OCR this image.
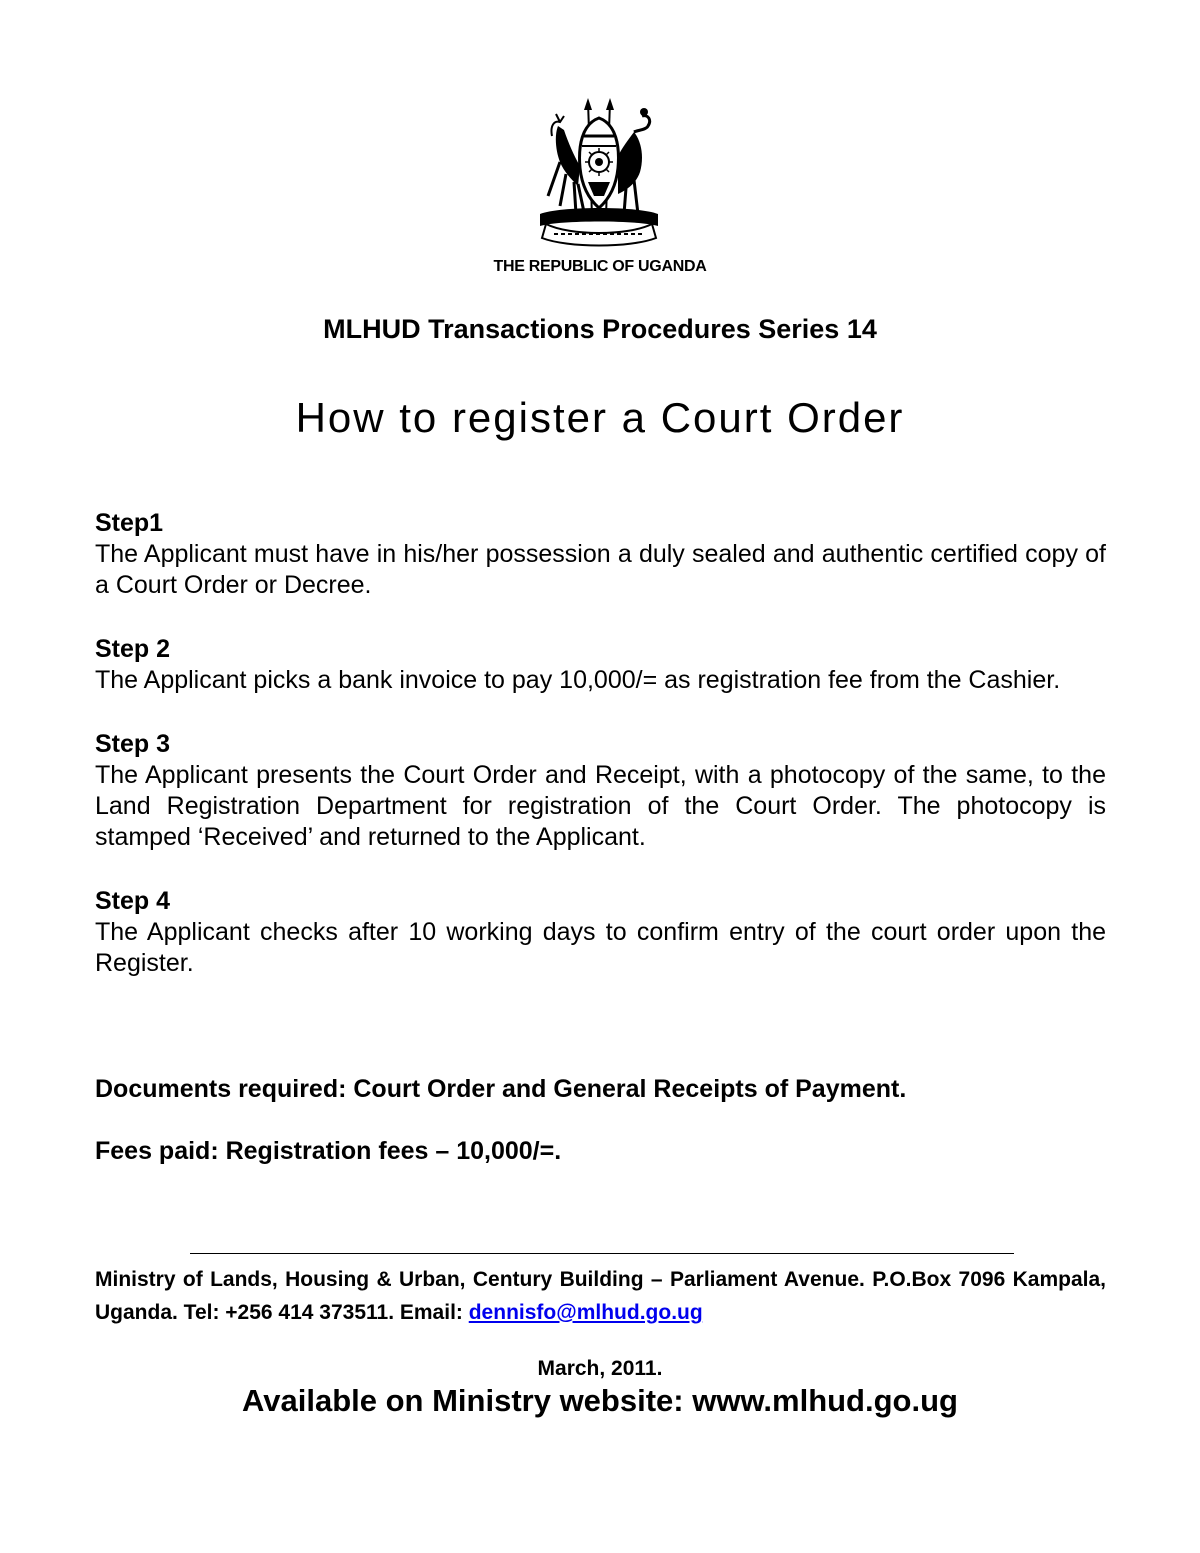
THE REPUBLIC OF UGANDA
MLHUD Transactions Procedures Series 14
How to register a Court Order
Step1
The Applicant must have in his/her possession a duly sealed and authentic certified copy of a Court Order or Decree.
Step 2
The Applicant picks a bank invoice to pay 10,000/= as registration fee from the Cashier.
Step 3
The Applicant presents the Court Order and Receipt, with a photocopy of the same, to the Land Registration Department for registration of the Court Order. The photocopy is stamped ‘Received’ and returned to the Applicant.
Step 4
The Applicant checks after 10 working days to confirm entry of the court order upon the Register.
Documents required: Court Order and General Receipts of Payment.
Fees paid: Registration fees – 10,000/=.
Ministry of Lands, Housing & Urban, Century Building – Parliament Avenue. P.O.Box 7096 Kampala, Uganda. Tel: +256 414 373511. Email: dennisfo@mlhud.go.ug
March, 2011.
Available on Ministry website: www.mlhud.go.ug
